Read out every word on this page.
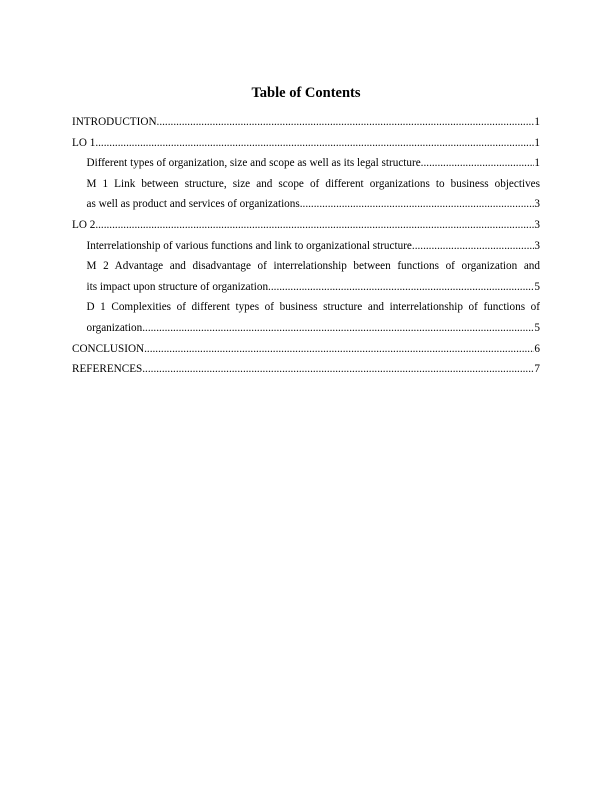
Table of Contents
INTRODUCTION .....	1
LO 1 .....	1
Different types of organization, size and scope as well as its legal structure .....	1
M 1 Link between structure, size and scope of different organizations to business objectives
as well as product and services of organizations .....	3
LO 2 .....	3
Interrelationship of various functions and link to organizational structure .....	3
M 2 Advantage and disadvantage of interrelationship between functions of organization and
its impact upon structure of organization .....	5
D 1 Complexities of different types of business structure and interrelationship of functions of
organization. .....	5
CONCLUSION .....	6
REFERENCES .....	7
